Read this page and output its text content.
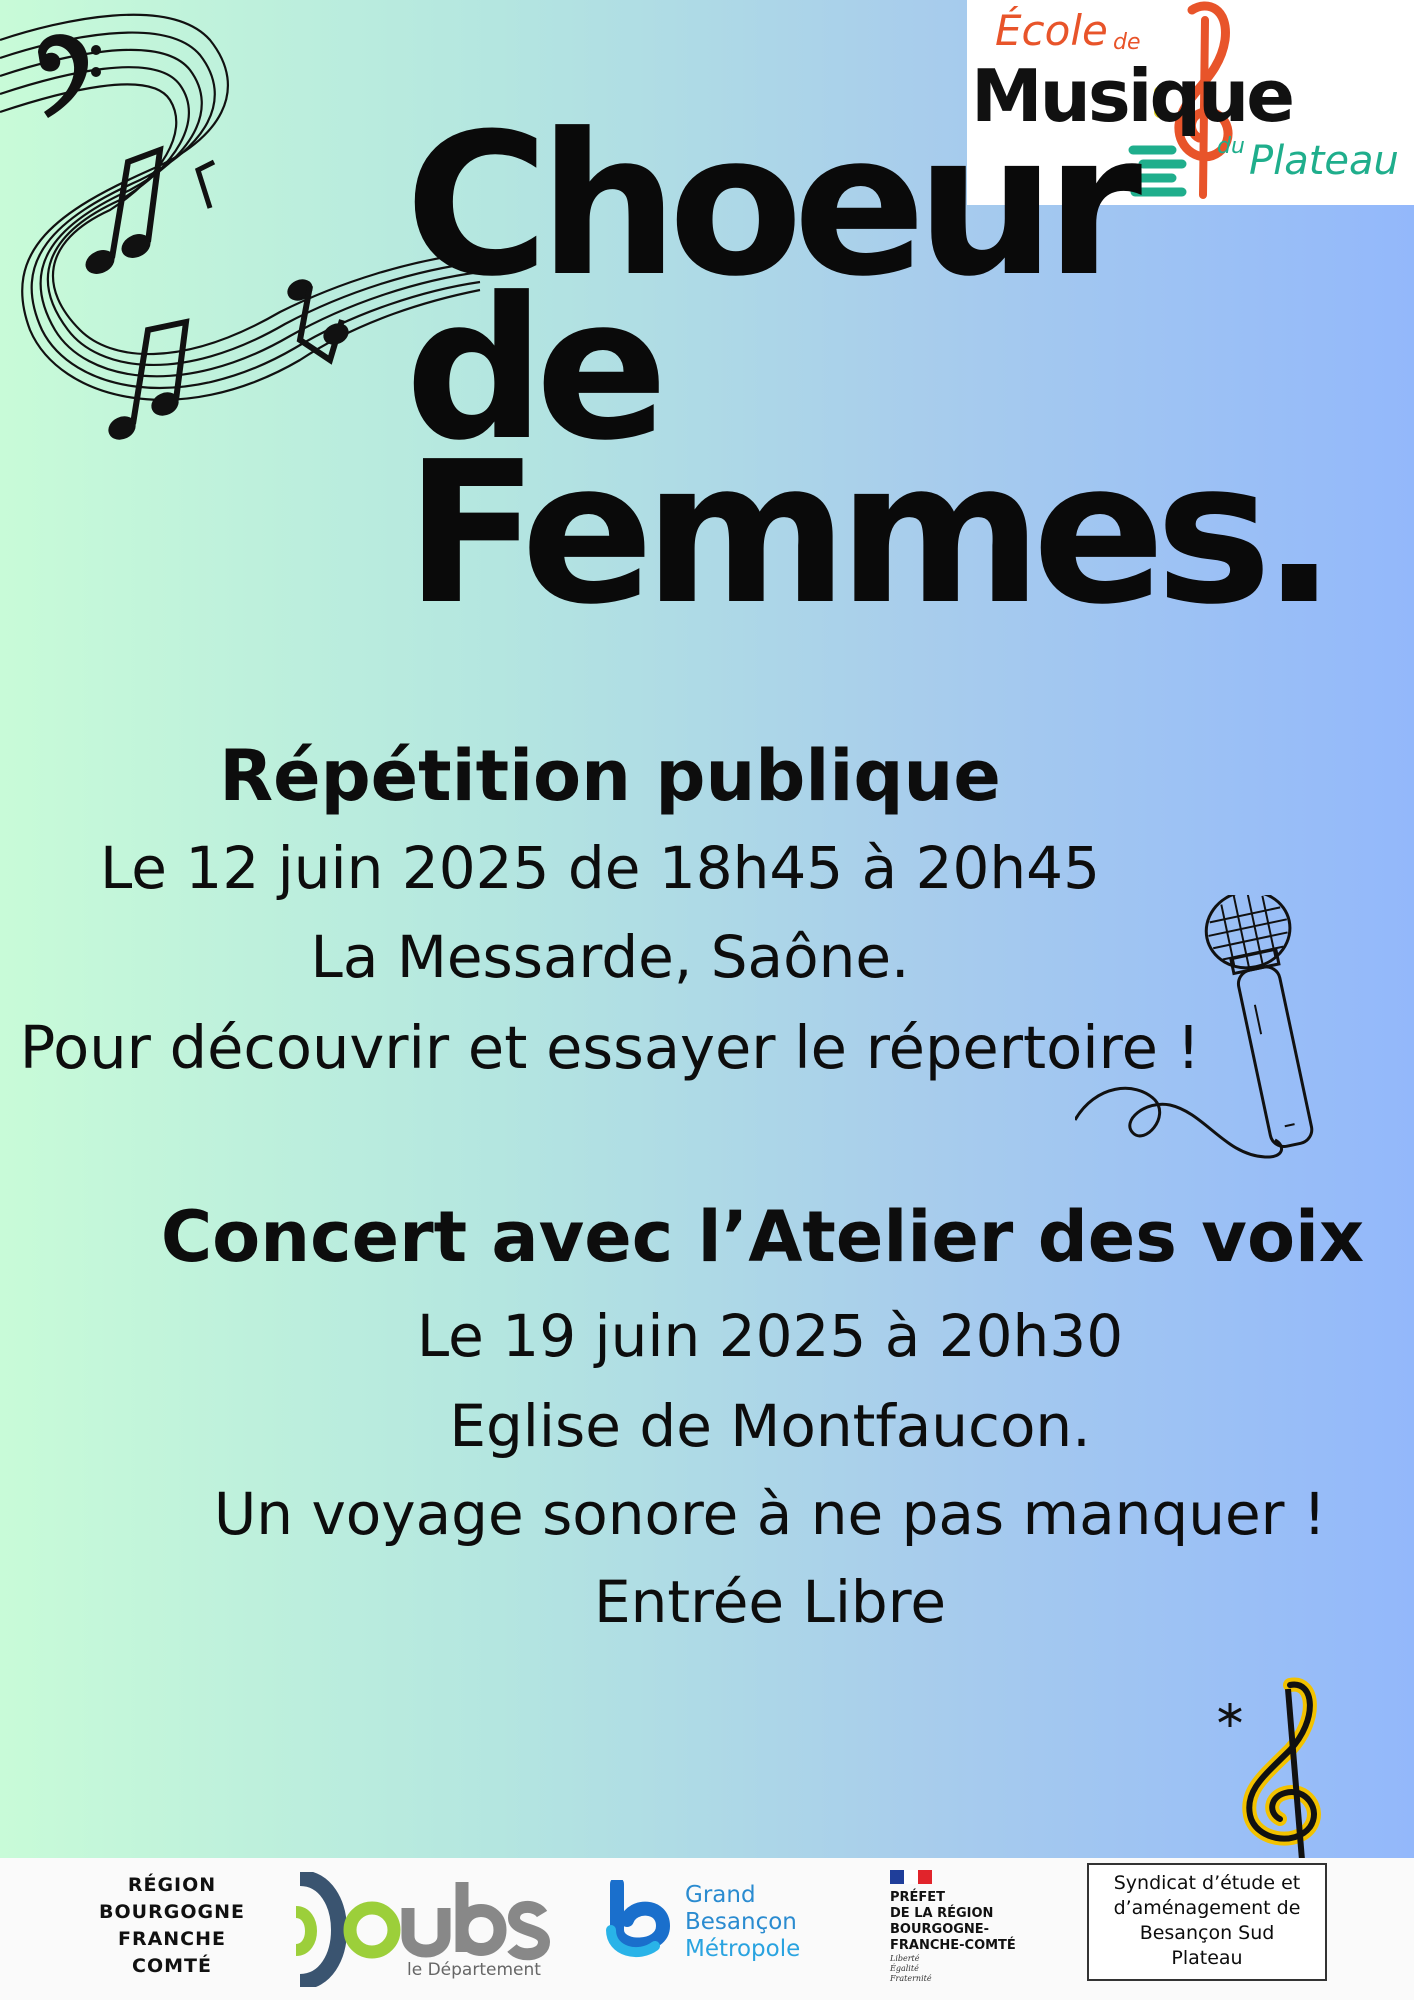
École de
Musique
du Plateau
Choeur
de
Femmes.
Répétition publique
Le 12 juin 2025 de 18h45 à 20h45
La Messarde, Saône.
Pour découvrir et essayer le répertoire !
Concert avec l’Atelier des voix
Le 19 juin 2025 à 20h30
Eglise de Montfaucon.
Un voyage sonore à ne pas manquer !
Entrée Libre
RÉGION
BOURGOGNE
FRANCHE
COMTÉ	le Département
Grand
Besançon
Métropole
PRÉFET
DE LA RÉGION
BOURGOGNE-
FRANCHE-COMTÉ
Liberté
Égalité
Fraternité
Syndicat d’étude et
d’aménagement de
Besançon Sud
Plateau
